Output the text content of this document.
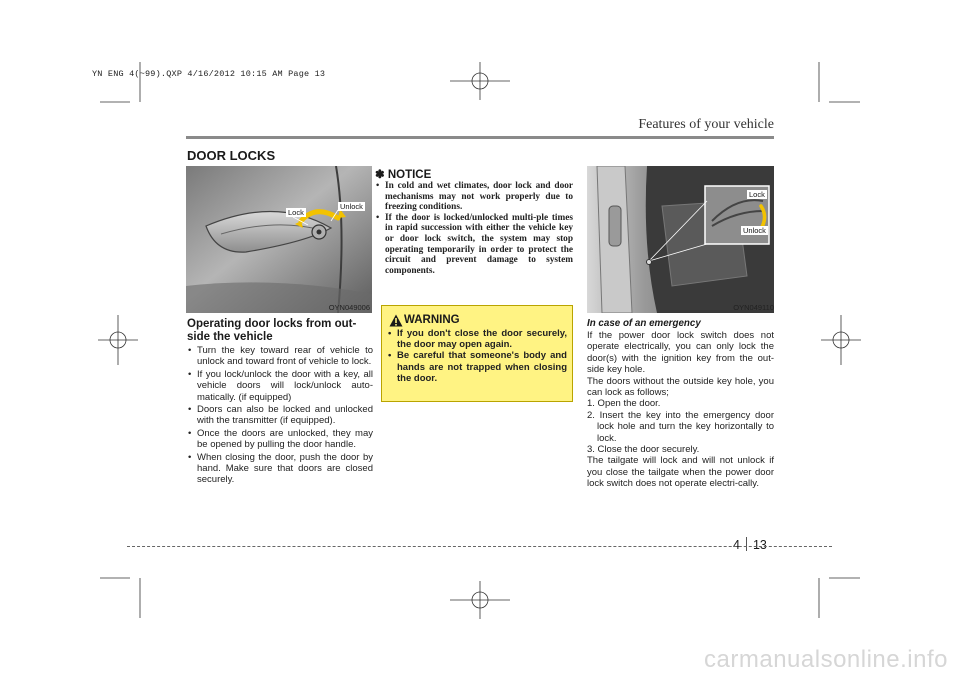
YN ENG 4(~99).QXP 4/16/2012 10:15 AM Page 13
Features of your vehicle
DOOR LOCKS
Lock
Unlock
OYN049006
Operating door locks from out-side the vehicle
• Turn the key toward rear of vehicle to unlock and toward front of vehicle to lock.
• If you lock/unlock the door with a key, all vehicle doors will lock/unlock auto-matically. (if equipped)
• Doors can also be locked and unlocked with the transmitter (if equipped).
• Once the doors are unlocked, they may be opened by pulling the door handle.
• When closing the door, push the door by hand. Make sure that doors are closed securely.
✽ NOTICE
• In cold and wet climates, door lock and door mechanisms may not work properly due to freezing conditions.
• If the door is locked/unlocked multi-ple times in rapid succession with either the vehicle key or door lock switch, the system may stop operating temporarily in order to protect the circuit and prevent damage to system components.
WARNING
• If you don't close the door securely, the door may open again.
• Be careful that someone's body and hands are not trapped when closing the door.
Lock
Unlock
OYN049110
In case of an emergency

If the power door lock switch does not operate electrically, you can only lock the door(s) with the ignition key from the out-side key hole.

The doors without the outside key hole, you can lock as follows;

1. Open the door.

2. Insert the key into the emergency door lock hole and turn the key horizontally to lock.

3. Close the door securely.

The tailgate will lock and will not unlock if you close the tailgate when the power door lock switch does not operate electri-cally.

4 13
carmanualsonline.info
